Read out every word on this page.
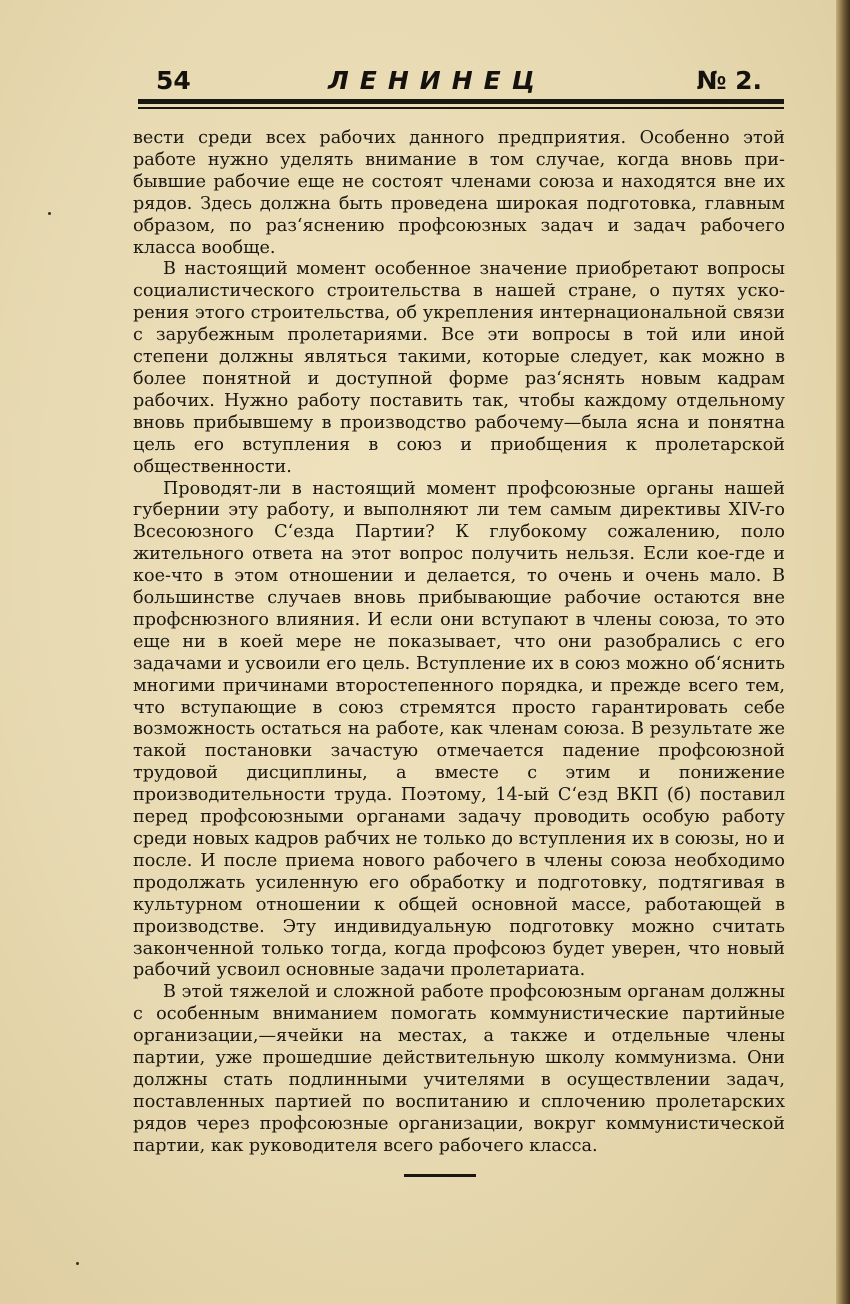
54	ЛЕНИНЕЦ	№ 2.

вести среди всех рабочих данного предприятия. Особенно этой работе нужно уделять внимание в том случае, когда вновь прибывшие рабочие еще не состоят членами союза и находятся вне их рядов. Здесь должна быть проведена широкая подготовка, главным образом, по раз‘яснению профсоюзных задач и задач рабочего класса вообще.

В настоящий момент особенное значение приобретают вопросы социалистического строительства в нашей стране, о путях ускорения этого строительства, об укрепления интернациональной связи с зарубежным пролетариями. Все эти вопросы в той или иной степени должны являться такими, которые следует, как можно в более понятной и доступной форме раз‘яснять новым кадрам рабочих. Нужно работу поставить так, чтобы каждому отдельному вновь прибывшему в производство рабочему—была ясна и понятна цель его вступления в союз и приобщения к пролетарской общественности.

Проводят-ли в настоящий момент профсоюзные органы нашей губернии эту работу, и выполняют ли тем самым директивы XIV-го Всесоюзного С‘езда Партии? К глубокому сожалению, поло жительного ответа на этот вопрос получить нельзя. Если кое-где и кое-что в этом отношении и делается, то очень и очень мало. В большинстве случаев вновь прибывающие рабочие остаются вне профснюзного влияния. И если они вступают в члены союза, то это еще ни в коей мере не показывает, что они разобрались с его задачами и усвоили его цель. Вступление их в союз можно об‘яснить многими причинами второстепенного порядка, и прежде всего тем, что вступающие в союз стремятся просто гарантировать себе возможность остаться на работе, как членам союза. В результате же такой постановки зачастую отмечается падение профсоюзной трудовой дисциплины, а вместе с этим и понижение производительности труда. Поэтому, 14-ый С‘езд ВКП (б) поставил перед профсоюзными органами задачу проводить особую работу среди новых кадров рабчих не только до вступления их в союзы, но и после. И после приема нового рабочего в члены союза необходимо продолжать усиленную его обработку и подготовку, подтягивая в культурном отношении к общей основной массе, работающей в производстве. Эту индивидуальную подготовку можно считать законченной только тогда, когда профсоюз будет уверен, что новый рабочий усвоил основные задачи пролетариата.

В этой тяжелой и сложной работе профсоюзным органам должны с особенным вниманием помогать коммунистические партийные организации,—ячейки на местах, а также и отдельные члены партии, уже прошедшие действительную школу коммунизма. Они должны стать подлинными учителями в осуществлении задач, поставленных партией по воспитанию и сплочению пролетарских рядов через профсоюзные организации, вокруг коммунистической партии, как руководителя всего рабочего класса.
